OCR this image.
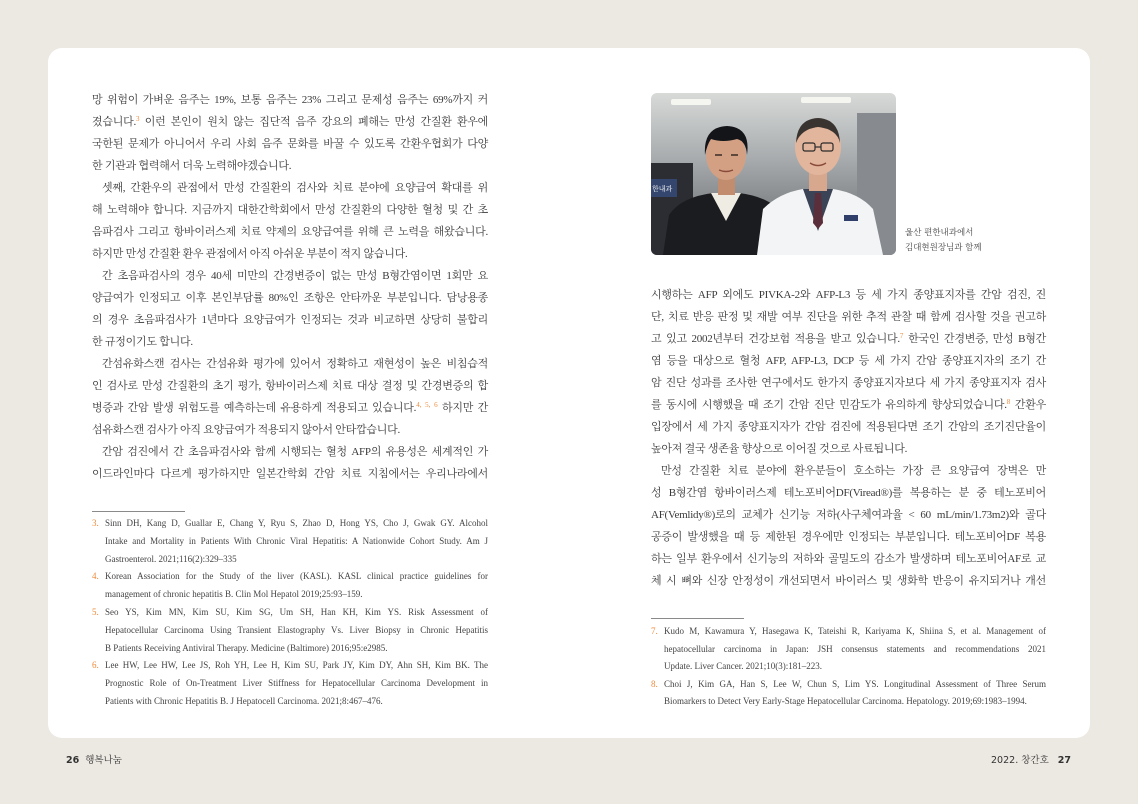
망 위험이 가벼운 음주는 19%, 보통 음주는 23% 그리고 문제성 음주는 69%까지 커
졌습니다.$^3$ 이런 본인이 원치 않는 집단적 음주 강요의 폐해는 만성 간질환 환우에
국한된 문제가 아니어서 우리 사회 음주 문화를 바꿀 수 있도록 간환우협회가 다양
한 기관과 협력해서 더욱 노력해야겠습니다.
셋째, 간환우의 관점에서 만성 간질환의 검사와 치료 분야에 요양급여 확대를 위
해 노력해야 합니다. 지금까지 대한간학회에서 만성 간질환의 다양한 혈청 및 간 초
음파검사 그리고 항바이러스제 치료 약제의 요양급여를 위해 큰 노력을 해왔습니다.
하지만 만성 간질환 환우 관점에서 아직 아쉬운 부분이 적지 않습니다.
간 초음파검사의 경우 40세 미만의 간경변증이 없는 만성 B형간염이면 1회만 요
양급여가 인정되고 이후 본인부담률 80%인 조항은 안타까운 부분입니다. 담낭용종
의 경우 초음파검사가 1년마다 요양급여가 인정되는 것과 비교하면 상당히 불합리
한 규정이기도 합니다.
간섬유화스캔 검사는 간섬유화 평가에 있어서 정확하고 재현성이 높은 비침습적
인 검사로 만성 간질환의 초기 평가, 항바이러스제 치료 대상 결정 및 간경변증의 합
병증과 간암 발생 위험도를 예측하는데 유용하게 적용되고 있습니다.$^{4, 5, 6}$ 하지만 간
섬유화스캔 검사가 아직 요양급여가 적용되지 않아서 안타깝습니다.
간암 검진에서 간 초음파검사와 함께 시행되는 혈청 AFP의 유용성은 세계적인 가
이드라인마다 다르게 평가하지만 일본간학회 간암 치료 지침에서는 우리나라에서
3. Sinn DH, Kang D, Guallar E, Chang Y, Ryu S, Zhao D, Hong YS, Cho J, Gwak GY. Alcohol
Intake and Mortality in Patients With Chronic Viral Hepatitis: A Nationwide Cohort Study. Am J
Gastroenterol. 2021;116(2):329–335
4. Korean Association for the Study of the liver (KASL). KASL clinical practice guidelines for
management of chronic hepatitis B. Clin Mol Hepatol 2019;25:93–159.
5. Seo YS, Kim MN, Kim SU, Kim SG, Um SH, Han KH, Kim YS. Risk Assessment of
Hepatocellular Carcinoma Using Transient Elastography Vs. Liver Biopsy in Chronic Hepatitis
B Patients Receiving Antiviral Therapy. Medicine (Baltimore) 2016;95:e2985.
6. Lee HW, Lee HW, Lee JS, Roh YH, Lee H, Kim SU, Park JY, Kim DY, Ahn SH, Kim BK. The
Prognostic Role of On-Treatment Liver Stiffness for Hepatocellular Carcinoma Development in
Patients with Chronic Hepatitis B. J Hepatocell Carcinoma. 2021;8:467–476.
한내과
울산 편한내과에서
김대현원장님과 함께
시행하는 AFP 외에도 PIVKA-2와 AFP-L3 등 세 가지 종양표지자를 간암 검진, 진
단, 치료 반응 판정 및 재발 여부 진단을 위한 추적 관찰 때 함께 검사할 것을 권고하
고 있고 2002년부터 건강보험 적용을 받고 있습니다.$^7$ 한국인 간경변증, 만성 B형간
염 등을 대상으로 혈청 AFP, AFP-L3, DCP 등 세 가지 간암 종양표지자의 조기 간
암 진단 성과를 조사한 연구에서도 한가지 종양표지자보다 세 가지 종양표지자 검사
를 동시에 시행했을 때 조기 간암 진단 민감도가 유의하게 향상되었습니다.$^8$ 간환우
입장에서 세 가지 종양표지자가 간암 검진에 적용된다면 조기 간암의 조기진단율이
높아져 결국 생존율 향상으로 이어질 것으로 사료됩니다.
만성 간질환 치료 분야에 환우분들이 호소하는 가장 큰 요양급여 장벽은 만
성 B형간염 항바이러스제 테노포비어DF(Viread®)를 복용하는 분 중 테노포비어
AF(Vemlidy®)로의 교체가 신기능 저하(사구체여과율 < 60 mL/min/1.73m2)와 골다
공증이 발생했을 때 등 제한된 경우에만 인정되는 부분입니다. 테노포비어DF 복용
하는 일부 환우에서 신기능의 저하와 골밀도의 감소가 발생하며 테노포비어AF로 교
체 시 뼈와 신장 안정성이 개선되면서 바이러스 및 생화학 반응이 유지되거나 개선
7. Kudo M, Kawamura Y, Hasegawa K, Tateishi R, Kariyama K, Shiina S, et al. Management of
hepatocellular carcinoma in Japan: JSH consensus statements and recommendations 2021
Update. Liver Cancer. 2021;10(3):181–223.
8. Choi J, Kim GA, Han S, Lee W, Chun S, Lim YS. Longitudinal Assessment of Three Serum
Biomarkers to Detect Very Early-Stage Hepatocellular Carcinoma. Hepatology. 2019;69:1983–1994.
26 행복나눔	2022. 창간호 27
